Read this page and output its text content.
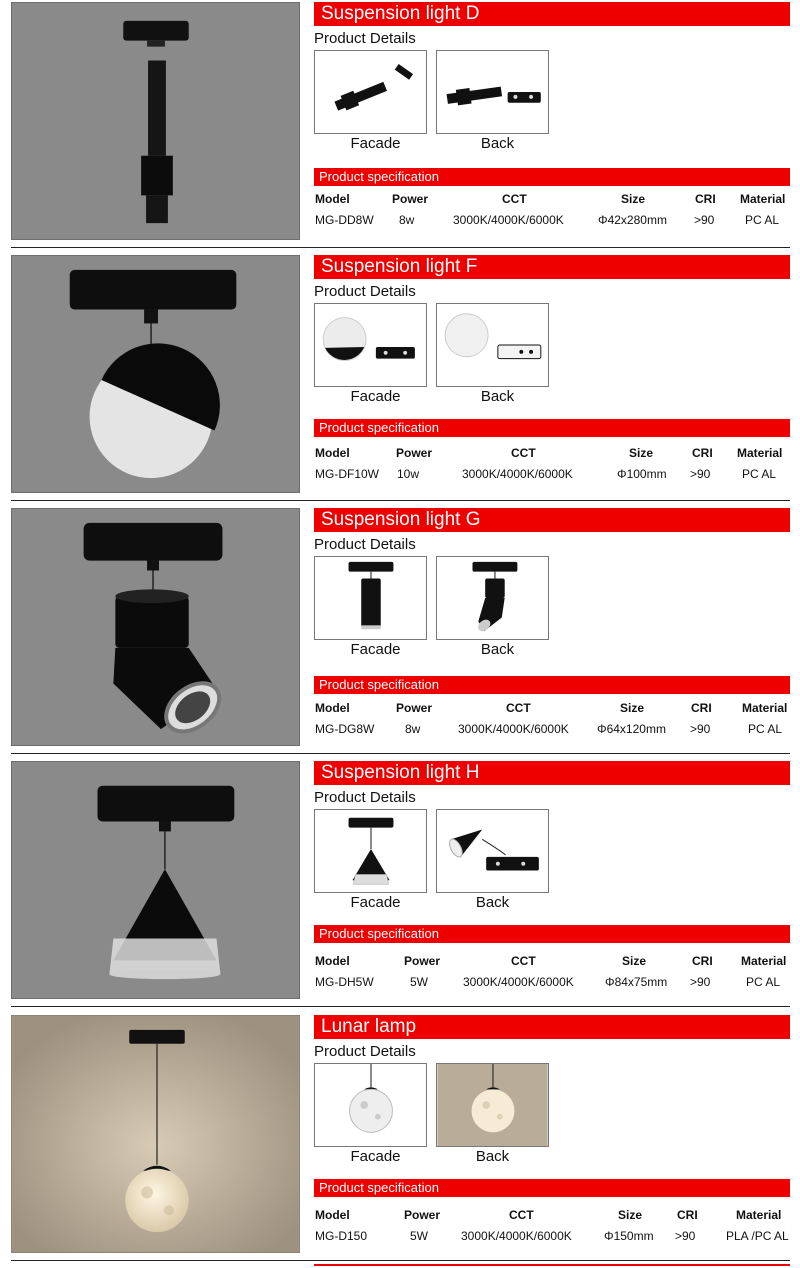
Suspension light D
Product Details
Facade	Back
Product specification
Model	Power	CCT	Size	CRI Material
MG-DD8W 8w	3000K/4000K/6000K	Φ42x280mm >90	PC AL
Suspension light F
Product Details
Facade	Back
Product specification
Model	Power	CCT	Size	CRI Material
MG-DF10W 10w	3000K/4000K/6000K	Φ100mm >90	PC AL
Suspension light G
Product Details
Facade	Back
Product specification
Model	Power	CCT	Size	CRI	Material
MG-DG8W	8w	3000K/4000K/6000K Φ64x120mm >90	PC AL
Suspension light H
Product Details
Facade	Back
Product specification
Model	Power	CCT	Size	CRI Material
MG-DH5W	5W	3000K/4000K/6000K	Φ84x75mm >90	PC AL
Lunar lamp
Product Details
Facade	Back
Product specification
Model	Power	CCT	Size	CRI	Material
MG-D150	5W	3000K/4000K/6000K	Φ150mm >90	PLA /PC AL
